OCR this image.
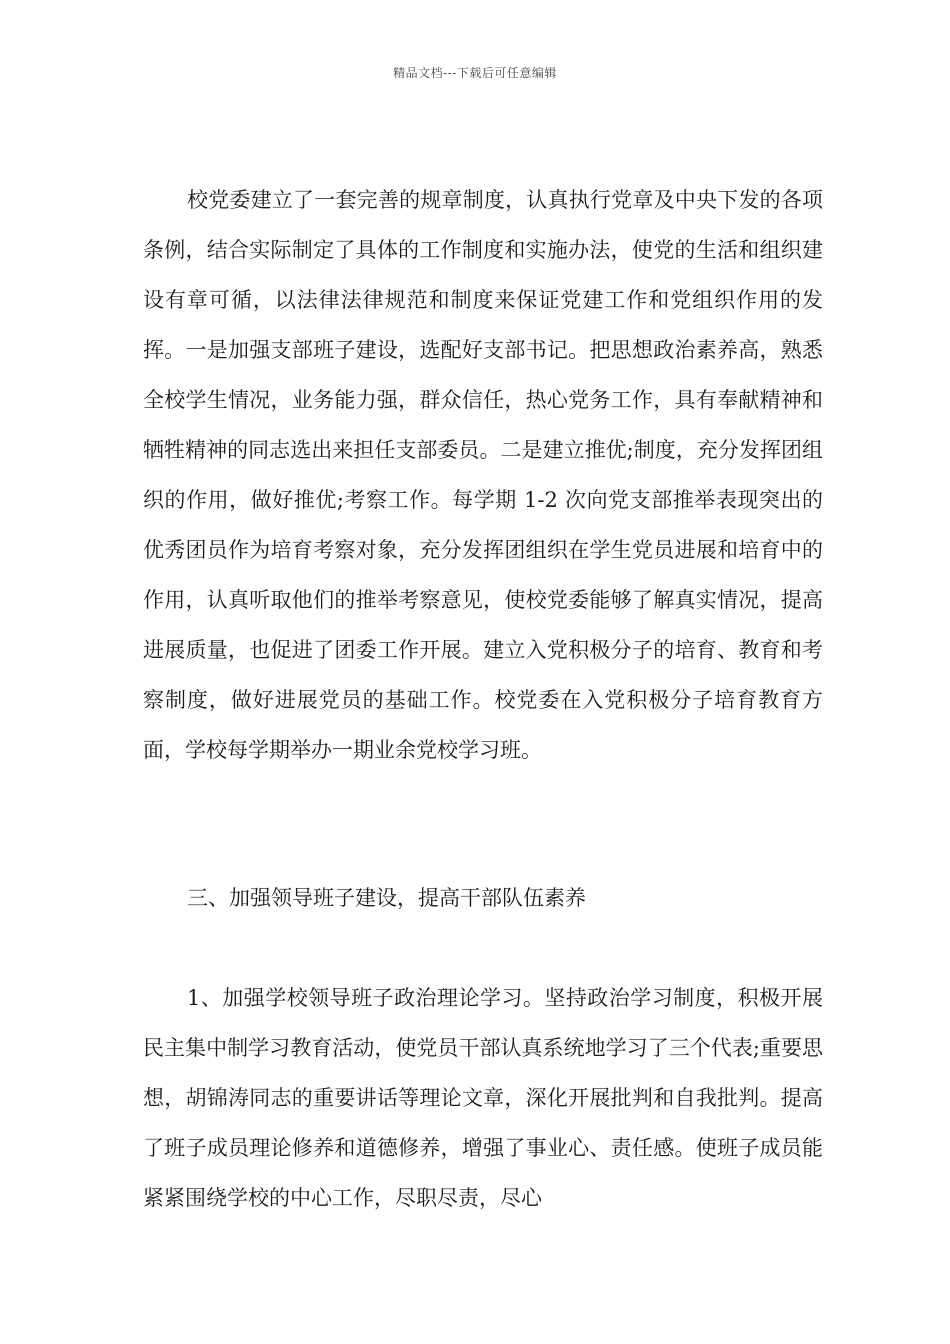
精品文档---下载后可任意编辑

校党委建立了一套完善的规章制度，认真执行党章及中央下发的各项条例，结合实际制定了具体的工作制度和实施办法，使党的生活和组织建设有章可循，以法律法律规范和制度来保证党建工作和党组织作用的发挥。一是加强支部班子建设，选配好支部书记。把思想政治素养高，熟悉全校学生情况，业务能力强，群众信任，热心党务工作，具有奉献精神和牺牲精神的同志选出来担任支部委员。二是建立推优;制度，充分发挥团组织的作用，做好推优;考察工作。每学期 1-2 次向党支部推举表现突出的优秀团员作为培育考察对象，充分发挥团组织在学生党员进展和培育中的作用，认真听取他们的推举考察意见，使校党委能够了解真实情况，提高进展质量，也促进了团委工作开展。建立入党积极分子的培育、教育和考察制度，做好进展党员的基础工作。校党委在入党积极分子培育教育方面，学校每学期举办一期业余党校学习班。

三、加强领导班子建设，提高干部队伍素养

1、加强学校领导班子政治理论学习。坚持政治学习制度，积极开展民主集中制学习教育活动，使党员干部认真系统地学习了三个代表;重要思想，胡锦涛同志的重要讲话等理论文章，深化开展批判和自我批判。提高了班子成员理论修养和道德修养，增强了事业心、责任感。使班子成员能紧紧围绕学校的中心工作，尽职尽责，尽心
